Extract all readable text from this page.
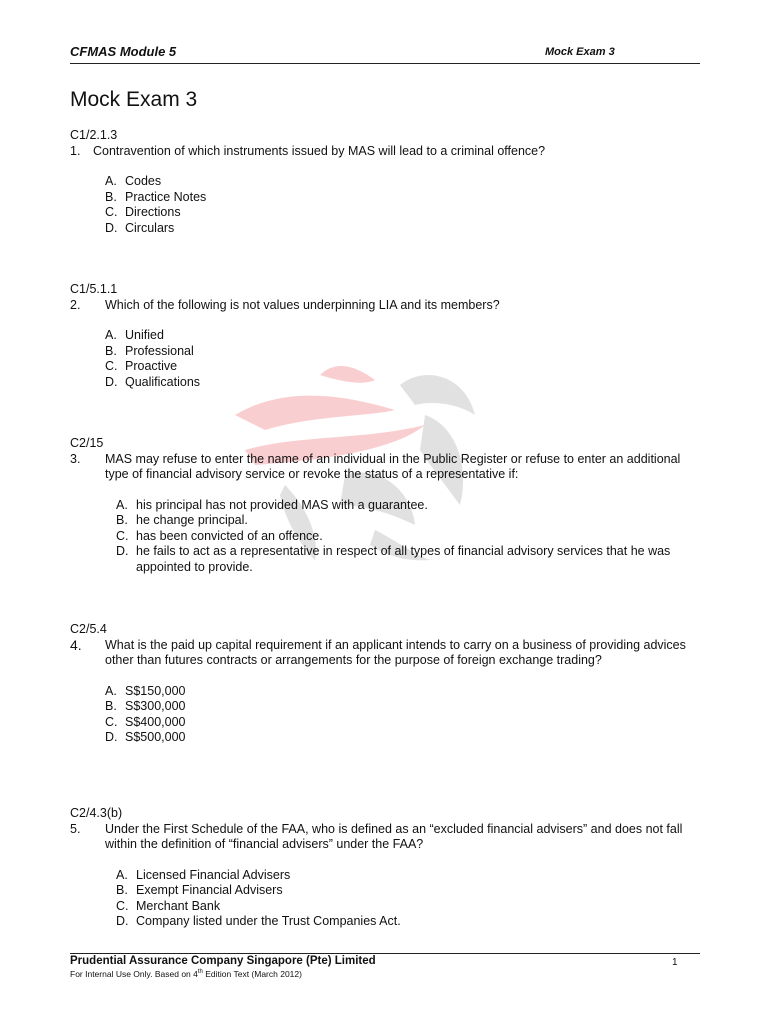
CFMAS Module 5	Mock Exam 3
Mock Exam 3
C1/2.1.3
1.	Contravention of which instruments issued by MAS will lead to a criminal offence?
A. Codes
B. Practice Notes
C. Directions
D. Circulars
C1/5.1.1
2.	Which of the following is not values underpinning LIA and its members?
A. Unified
B. Professional
C. Proactive
D. Qualifications
C2/15
3.	MAS may refuse to enter the name of an individual in the Public Register or refuse to enter an additional type of financial advisory service or revoke the status of a representative if:
A. his principal has not provided MAS with a guarantee.
B. he change principal.
C. has been convicted of an offence.
D. he fails to act as a representative in respect of all types of financial advisory services that he was appointed to provide.
C2/5.4
4.	What is the paid up capital requirement if an applicant intends to carry on a business of providing advices other than futures contracts or arrangements for the purpose of foreign exchange trading?
A. S$150,000
B. S$300,000
C. S$400,000
D. S$500,000
C2/4.3(b)
5.	Under the First Schedule of the FAA, who is defined as an “excluded financial advisers” and does not fall within the definition of “financial advisers” under the FAA?
A. Licensed Financial Advisers
B. Exempt Financial Advisers
C. Merchant Bank
D. Company listed under the Trust Companies Act.
Prudential Assurance Company Singapore (Pte) Limited
For Internal Use Only. Based on 4th Edition Text (March 2012)
1
